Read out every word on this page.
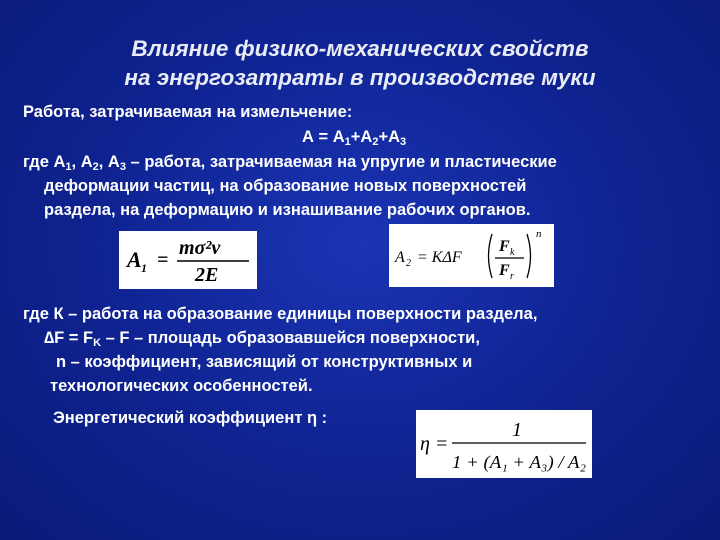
Влияние физико-механических свойств
на энергозатраты в производстве муки
Работа, затрачиваемая на измельчение:
$А = А_1+А_2+А_3$
где $А_1$, $А_2$, $А_3$ – работа, затрачиваемая на упругие и пластические
деформации частиц, на образование новых поверхностей
раздела, на деформацию и изнашивание рабочих органов.
A 1 =
mσ²ν
2E
A 2 = KΔF
F k
F r
n
где К – работа на образование единицы поверхности раздела,
$\Delta F = F_K - F$ – площадь образовавшейся поверхности,
n – коэффициент, зависящий от конструктивных и
технологических особенностей.
Энергетический коэффициент η :
η =
1
1 + (A₁ + A₃) / A₂
